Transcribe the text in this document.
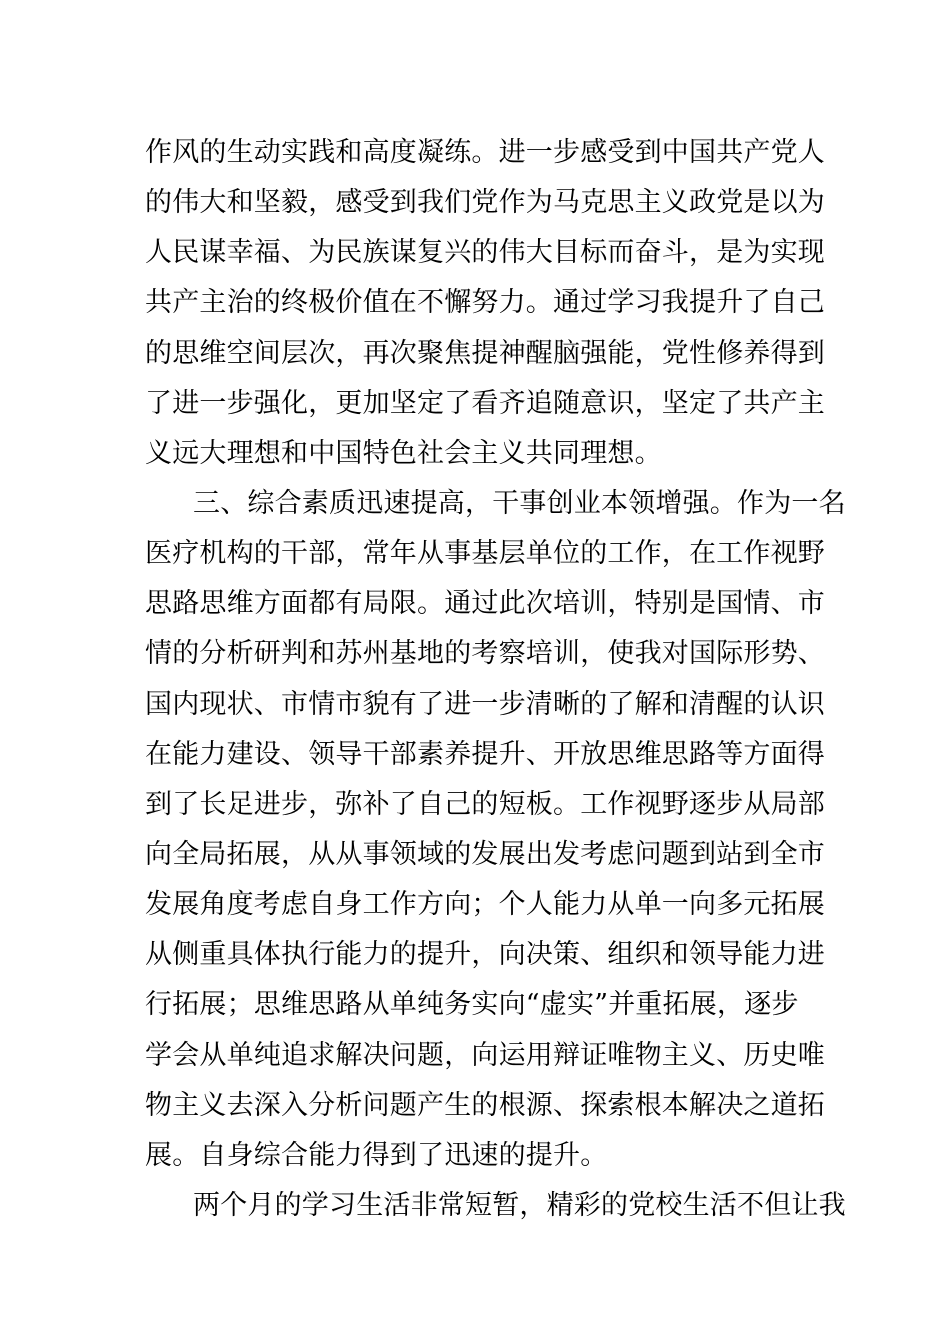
作风的生动实践和高度凝练。进一步感受到中国共产党人
的伟大和坚毅，感受到我们党作为马克思主义政党是以为
人民谋幸福、为民族谋复兴的伟大目标而奋斗，是为实现
共产主治的终极价值在不懈努力。通过学习我提升了自己
的思维空间层次，再次聚焦提神醒脑强能，党性修养得到
了进一步强化，更加坚定了看齐追随意识，坚定了共产主
义远大理想和中国特色社会主义共同理想。
三、综合素质迅速提高，干事创业本领增强。作为一名
医疗机构的干部，常年从事基层单位的工作，在工作视野
思路思维方面都有局限。通过此次培训，特别是国情、市
情的分析研判和苏州基地的考察培训，使我对国际形势、
国内现状、市情市貌有了进一步清晰的了解和清醒的认识
在能力建设、领导干部素养提升、开放思维思路等方面得
到了长足进步，弥补了自己的短板。工作视野逐步从局部
向全局拓展，从从事领域的发展出发考虑问题到站到全市
发展角度考虑自身工作方向；个人能力从单一向多元拓展
从侧重具体执行能力的提升，向决策、组织和领导能力进
行拓展；思维思路从单纯务实向“虚实”并重拓展，逐步
学会从单纯追求解决问题，向运用辩证唯物主义、历史唯
物主义去深入分析问题产生的根源、探索根本解决之道拓
展。自身综合能力得到了迅速的提升。
两个月的学习生活非常短暂，精彩的党校生活不但让我
